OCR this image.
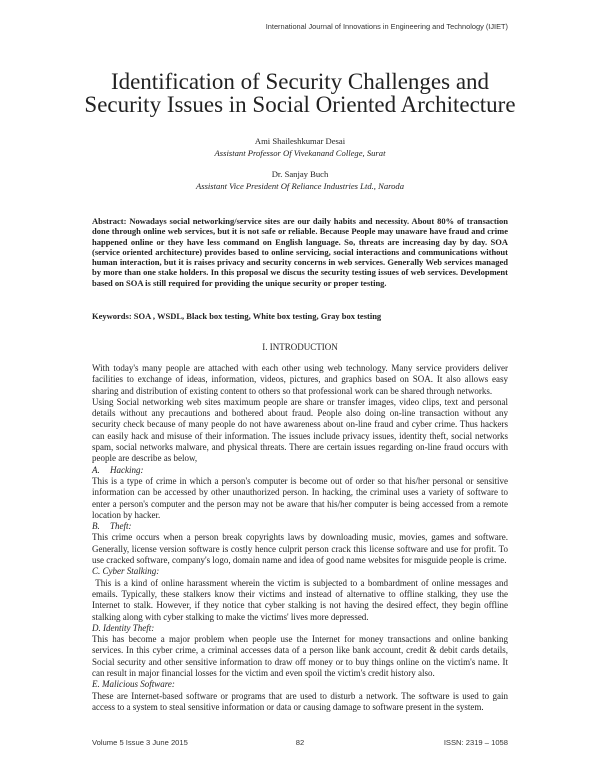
International Journal of Innovations in Engineering and Technology (IJIET)
Identification of Security Challenges and
Security Issues in Social Oriented Architecture
Ami Shaileshkumar Desai
Assistant Professor Of Vivekanand College, Surat
Dr. Sanjay Buch
Assistant Vice President Of Reliance Industries Ltd., Naroda
Abstract: Nowadays social networking/service sites are our daily habits and necessity. About 80% of transaction done through online web services, but it is not safe or reliable. Because People may unaware have fraud and crime happened online or they have less command on English language. So, threats are increasing day by day. SOA (service oriented architecture) provides based to online servicing, social interactions and communications without human interaction, but it is raises privacy and security concerns in web services. Generally Web services managed by more than one stake holders. In this proposal we discus the security testing issues of web services. Development based on SOA is still required for providing the unique security or proper testing.
Keywords: SOA , WSDL, Black box testing, White box testing, Gray box testing
I. INTRODUCTION

With today's many people are attached with each other using web technology. Many service providers deliver facilities to exchange of ideas, information, videos, pictures, and graphics based on SOA. It also allows easy sharing and distribution of existing content to others so that professional work can be shared through networks.

Using Social networking web sites maximum people are share or transfer images, video clips, text and personal details without any precautions and bothered about fraud. People also doing on-line transaction without any security check because of many people do not have awareness about on-line fraud and cyber crime. Thus hackers can easily hack and misuse of their information. The issues include privacy issues, identity theft, social networks spam, social networks malware, and physical threats. There are certain issues regarding on-line fraud occurs with people are describe as below,

A. Hacking:

This is a type of crime in which a person's computer is become out of order so that his/her personal or sensitive information can be accessed by other unauthorized person. In hacking, the criminal uses a variety of software to enter a person's computer and the person may not be aware that his/her computer is being accessed from a remote location by hacker.

B. Theft:

This crime occurs when a person break copyrights laws by downloading music, movies, games and software. Generally, license version software is costly hence culprit person crack this license software and use for profit. To use cracked software, company's logo, domain name and idea of good name websites for misguide people is crime.

C. Cyber Stalking:

This is a kind of online harassment wherein the victim is subjected to a bombardment of online messages and emails. Typically, these stalkers know their victims and instead of alternative to offline stalking, they use the Internet to stalk. However, if they notice that cyber stalking is not having the desired effect, they begin offline stalking along with cyber stalking to make the victims' lives more depressed.

D. Identity Theft:

This has become a major problem when people use the Internet for money transactions and online banking services. In this cyber crime, a criminal accesses data of a person like bank account, credit & debit cards details, Social security and other sensitive information to draw off money or to buy things online on the victim's name. It can result in major financial losses for the victim and even spoil the victim's credit history also.

E. Malicious Software:

These are Internet-based software or programs that are used to disturb a network. The software is used to gain access to a system to steal sensitive information or data or causing damage to software present in the system.

Volume 5 Issue 3 June 2015	82	ISSN: 2319 – 1058
